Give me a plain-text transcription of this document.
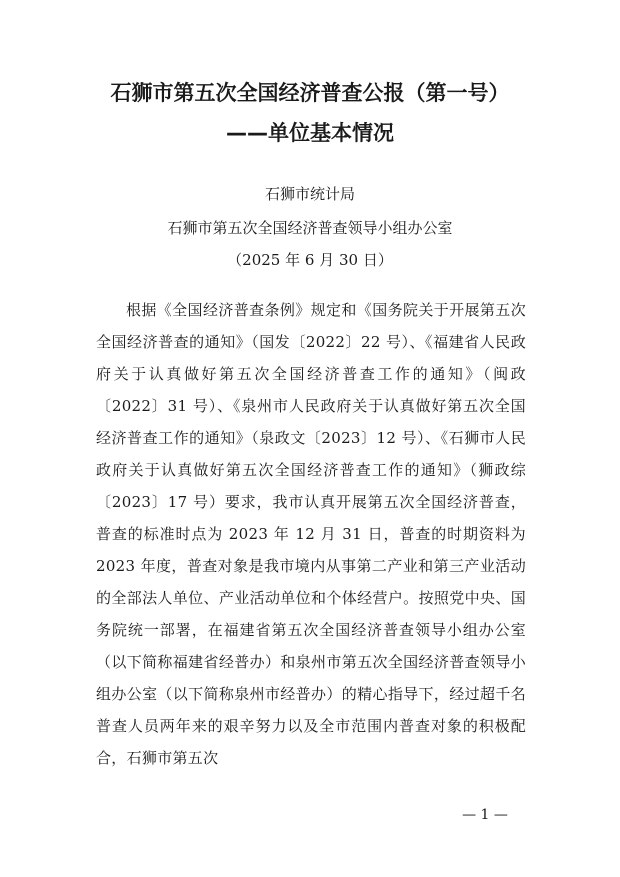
石狮市第五次全国经济普查公报（第一号）
——单位基本情况
石狮市统计局
石狮市第五次全国经济普查领导小组办公室
（2025 年 6 月 30 日）
根据《全国经济普查条例》规定和《国务院关于开展第五次全国经济普查的通知》（国发〔2022〕22 号）、《福建省人民政府关于认真做好第五次全国经济普查工作的通知》（闽政〔2022〕31 号）、《泉州市人民政府关于认真做好第五次全国经济普查工作的通知》（泉政文〔2023〕12 号）、《石狮市人民政府关于认真做好第五次全国经济普查工作的通知》（狮政综〔2023〕17 号）要求，我市认真开展第五次全国经济普查，普查的标准时点为 2023 年 12 月 31 日，普查的时期资料为 2023 年度，普查对象是我市境内从事第二产业和第三产业活动的全部法人单位、产业活动单位和个体经营户。按照党中央、国务院统一部署，在福建省第五次全国经济普查领导小组办公室（以下简称福建省经普办）和泉州市第五次全国经济普查领导小组办公室（以下简称泉州市经普办）的精心指导下，经过超千名普查人员两年来的艰辛努力以及全市范围内普查对象的积极配合，石狮市第五次
— 1 —
